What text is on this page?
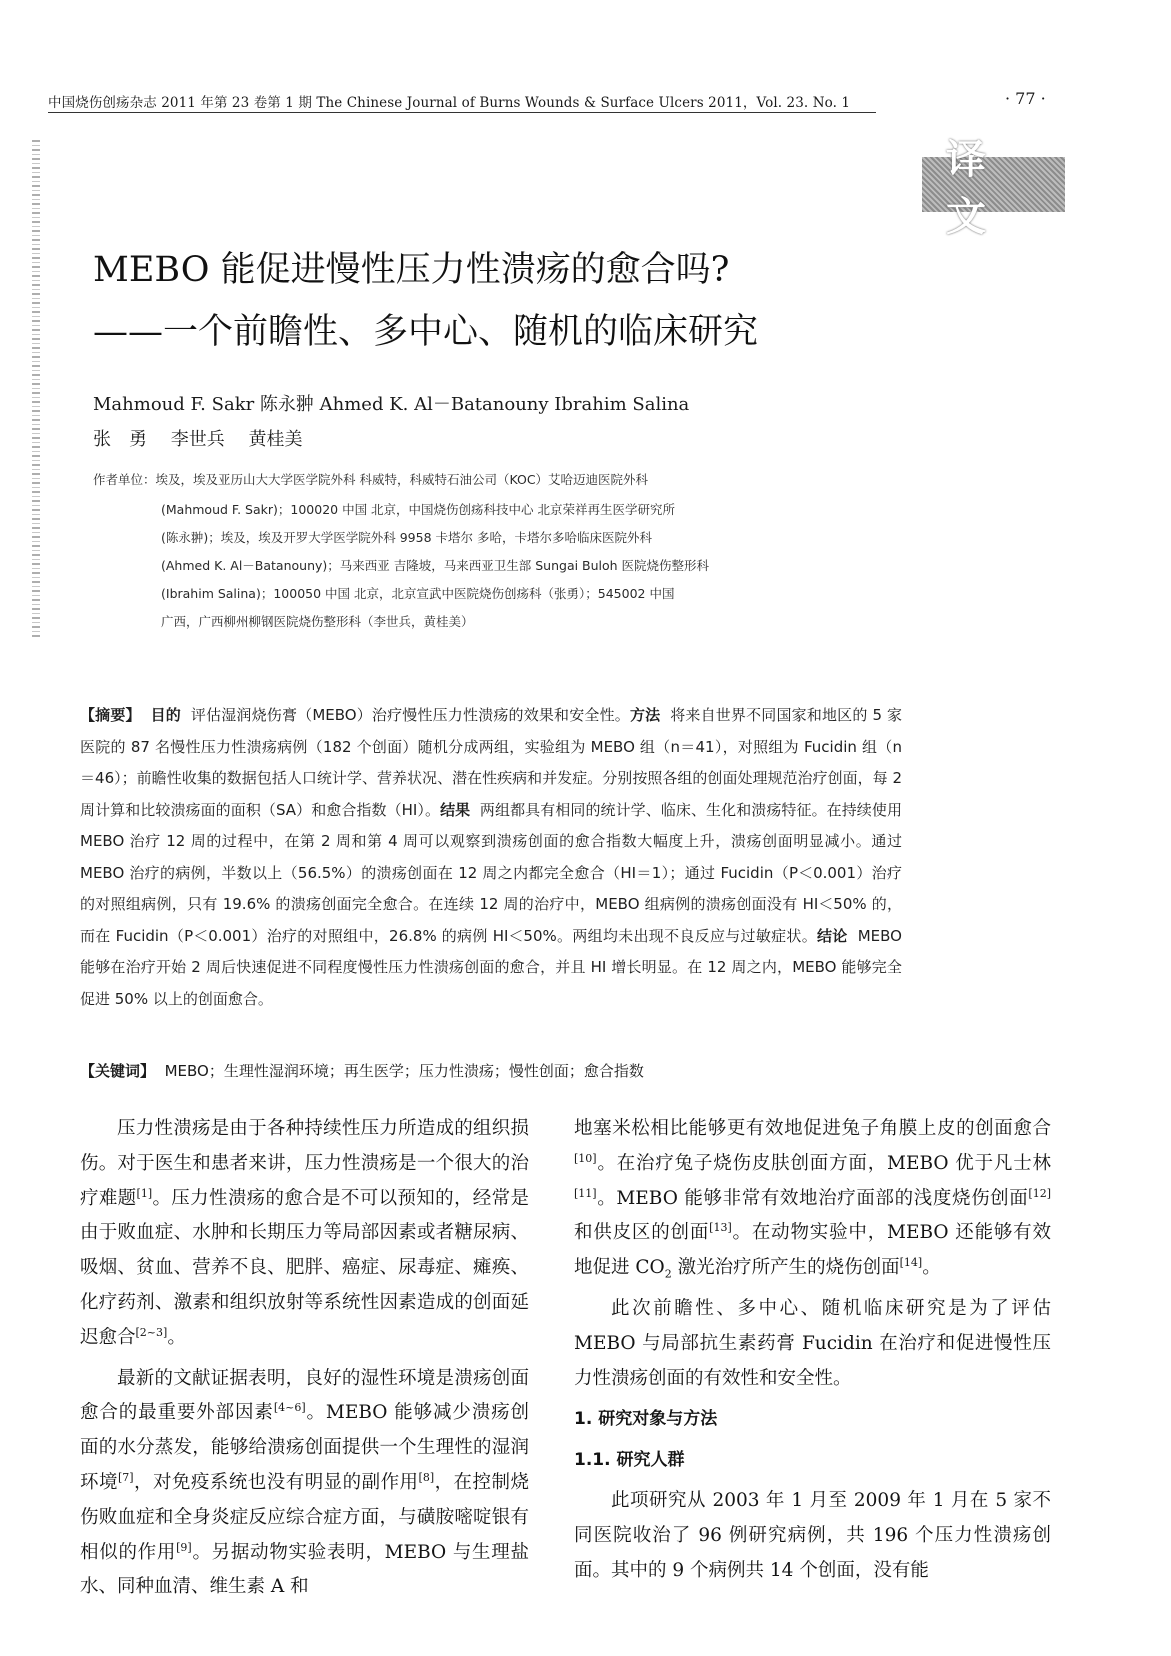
中国烧伤创疡杂志 2011 年第 23 卷第 1 期 The Chinese Journal of Burns Wounds & Surface Ulcers 2011，Vol. 23. No. 1	· 77 ·
译文
MEBO 能促进慢性压力性溃疡的愈合吗?
——一个前瞻性、多中心、随机的临床研究
Mahmoud F. Sakr 陈永翀 Ahmed K. Al－Batanouny Ibrahim Salina
张　勇　 李世兵　 黄桂美
作者单位：埃及，埃及亚历山大大学医学院外科 科威特，科威特石油公司（KOC）艾哈迈迪医院外科
(Mahmoud F. Sakr)；100020 中国 北京，中国烧伤创疡科技中心 北京荣祥再生医学研究所
(陈永翀)；埃及，埃及开罗大学医学院外科 9958 卡塔尔 多哈，卡塔尔多哈临床医院外科
(Ahmed K. Al－Batanouny)；马来西亚 吉隆坡，马来西亚卫生部 Sungai Buloh 医院烧伤整形科
(Ibrahim Salina)；100050 中国 北京，北京宣武中医院烧伤创疡科（张勇）；545002 中国
广西，广西柳州柳钢医院烧伤整形科（李世兵，黄桂美）
【摘要】 目的 评估湿润烧伤膏（MEBO）治疗慢性压力性溃疡的效果和安全性。方法 将来自世界不同国家和地区的 5 家医院的 87 名慢性压力性溃疡病例（182 个创面）随机分成两组，实验组为 MEBO 组（n＝41），对照组为 Fucidin 组（n＝46）；前瞻性收集的数据包括人口统计学、营养状况、潜在性疾病和并发症。分别按照各组的创面处理规范治疗创面，每 2 周计算和比较溃疡面的面积（SA）和愈合指数（HI）。结果 两组都具有相同的统计学、临床、生化和溃疡特征。在持续使用 MEBO 治疗 12 周的过程中，在第 2 周和第 4 周可以观察到溃疡创面的愈合指数大幅度上升，溃疡创面明显减小。通过 MEBO 治疗的病例，半数以上（56.5%）的溃疡创面在 12 周之内都完全愈合（HI＝1）；通过 Fucidin（P＜0.001）治疗的对照组病例，只有 19.6% 的溃疡创面完全愈合。在连续 12 周的治疗中，MEBO 组病例的溃疡创面没有 HI＜50% 的，而在 Fucidin（P＜0.001）治疗的对照组中，26.8% 的病例 HI＜50%。两组均未出现不良反应与过敏症状。结论 MEBO 能够在治疗开始 2 周后快速促进不同程度慢性压力性溃疡创面的愈合，并且 HI 增长明显。在 12 周之内，MEBO 能够完全促进 50% 以上的创面愈合。
【关键词】 MEBO；生理性湿润环境；再生医学；压力性溃疡；慢性创面；愈合指数

压力性溃疡是由于各种持续性压力所造成的组织损伤。对于医生和患者来讲，压力性溃疡是一个很大的治疗难题[1]。压力性溃疡的愈合是不可以预知的，经常是由于败血症、水肿和长期压力等局部因素或者糖尿病、吸烟、贫血、营养不良、肥胖、癌症、尿毒症、瘫痪、化疗药剂、激素和组织放射等系统性因素造成的创面延迟愈合[2~3]。

最新的文献证据表明，良好的湿性环境是溃疡创面愈合的最重要外部因素[4~6]。MEBO 能够减少溃疡创面的水分蒸发，能够给溃疡创面提供一个生理性的湿润环境[7]，对免疫系统也没有明显的副作用[8]，在控制烧伤败血症和全身炎症反应综合症方面，与磺胺嘧啶银有相似的作用[9]。另据动物实验表明，MEBO 与生理盐水、同种血清、维生素 A 和

地塞米松相比能够更有效地促进兔子角膜上皮的创面愈合[10]。在治疗兔子烧伤皮肤创面方面，MEBO 优于凡士林[11]。MEBO 能够非常有效地治疗面部的浅度烧伤创面[12]和供皮区的创面[13]。在动物实验中，MEBO 还能够有效地促进 $CO_2$ 激光治疗所产生的烧伤创面[14]。

此次前瞻性、多中心、随机临床研究是为了评估 MEBO 与局部抗生素药膏 Fucidin 在治疗和促进慢性压力性溃疡创面的有效性和安全性。

1. 研究对象与方法

1.1. 研究人群

此项研究从 2003 年 1 月至 2009 年 1 月在 5 家不同医院收治了 96 例研究病例，共 196 个压力性溃疡创面。其中的 9 个病例共 14 个创面，没有能
